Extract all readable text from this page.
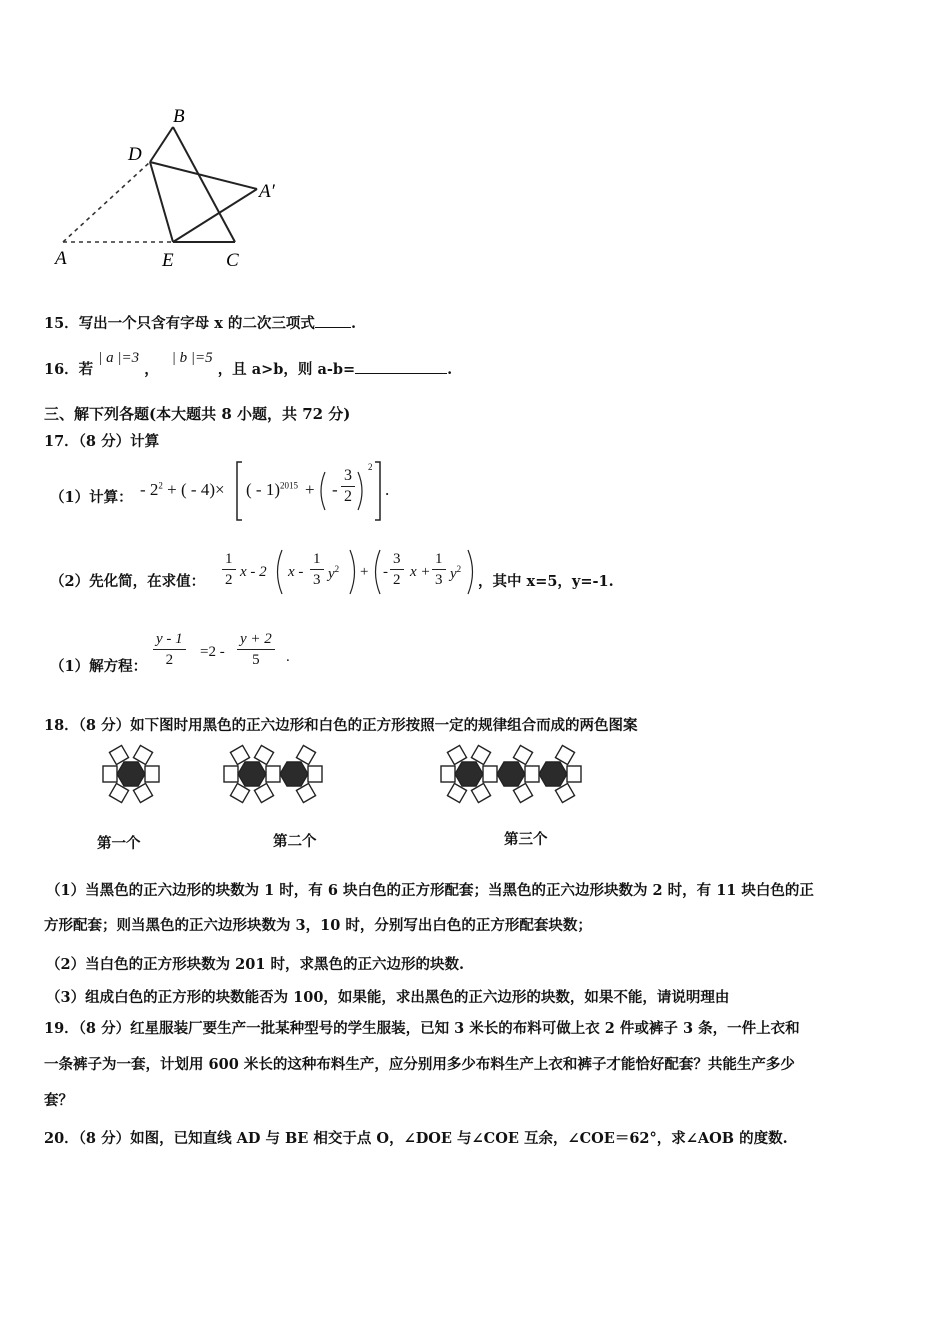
B
D
A′
A	E	C
15．写出一个只含有字母 x 的二次三项式 .
16．若 | a |=3 ， | b |=5 ，且 a>b，则 a-b=	.
三、解下列各题(本大题共 8 小题，共 72 分)
17．（8 分）计算
（1）计算： - $2^2$ + ( - 4)× ( - 1)$^{2015}$ + - $\frac{3}{2} 2$
.
（2）先化简，在求值： $\frac{1}{2}$ x - 2 x - $\frac{1}{3} y^2$ + - $\frac{3}{2}$ $x + \frac{1}{3} y^2$
，其中 x=5，y=-1.
（1）解方程： $\frac{y - 1}{2} =2 - \frac{y + 2}{5}$ .
18．（8 分）如下图时用黑色的正六边形和白色的正方形按照一定的规律组合而成的两色图案
第一个	第二个	第三个
（1）当黑色的正六边形的块数为 1 时，有 6 块白色的正方形配套；当黑色的正六边形块数为 2 时，有 11 块白色的正
方形配套；则当黑色的正六边形块数为 3，10 时，分别写出白色的正方形配套块数；
（2）当白色的正方形块数为 201 时，求黑色的正六边形的块数.
（3）组成白色的正方形的块数能否为 100，如果能，求出黑色的正六边形的块数，如果不能，请说明理由
19．（8 分）红星服装厂要生产一批某种型号的学生服装，已知 3 米长的布料可做上衣 2 件或裤子 3 条，一件上衣和
一条裤子为一套，计划用 600 米长的这种布料生产，应分别用多少布料生产上衣和裤子才能恰好配套？共能生产多少
套？
20．（8 分）如图，已知直线 AD 与 BE 相交于点 O，∠DOE 与∠COE 互余，∠COE＝62°，求∠AOB 的度数.
